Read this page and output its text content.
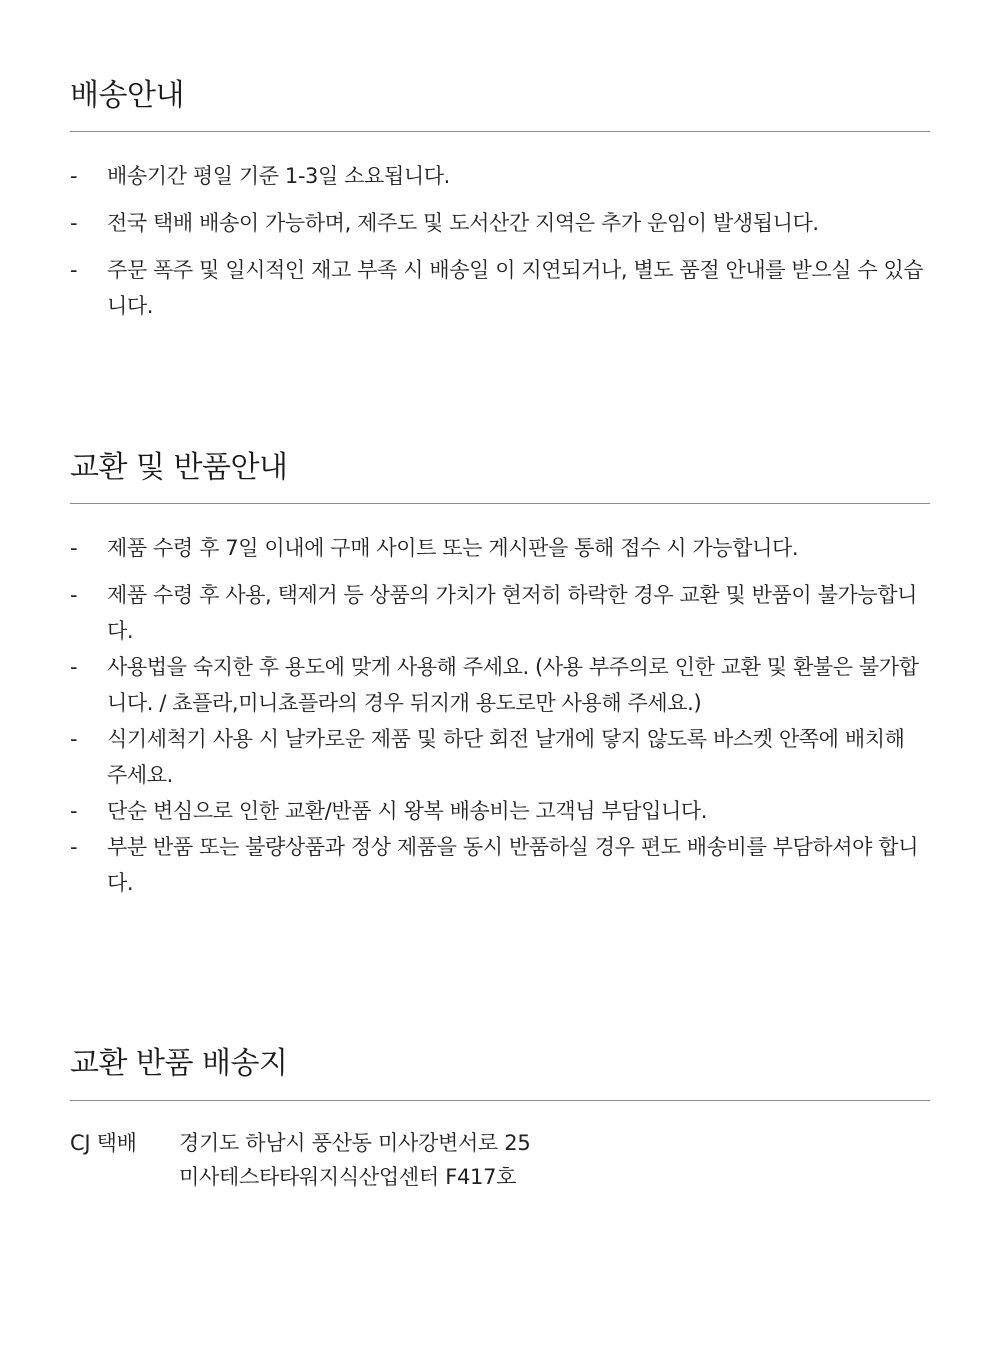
배송안내
- 배송기간 평일 기준 1-3일 소요됩니다.
- 전국 택배 배송이 가능하며, 제주도 및 도서산간 지역은 추가 운임이 발생됩니다.
- 주문 폭주 및 일시적인 재고 부족 시 배송일 이 지연되거나, 별도 품절 안내를 받으실 수 있습니다.
교환 및 반품안내
- 제품 수령 후 7일 이내에 구매 사이트 또는 게시판을 통해 접수 시 가능합니다.
- 제품 수령 후 사용, 택제거 등 상품의 가치가 현저히 하락한 경우 교환 및 반품이 불가능합니다.
- 사용법을 숙지한 후 용도에 맞게 사용해 주세요. (사용 부주의로 인한 교환 및 환불은 불가합니다. / 쵸플라,미니쵸플라의 경우 뒤지개 용도로만 사용해 주세요.)
- 식기세척기 사용 시 날카로운 제품 및 하단 회전 날개에 닿지 않도록 바스켓 안쪽에 배치해 주세요.
- 단순 변심으로 인한 교환/반품 시 왕복 배송비는 고객님 부담입니다.
- 부분 반품 또는 불량상품과 정상 제품을 동시 반품하실 경우 편도 배송비를 부담하셔야 합니다.
교환 반품 배송지
CJ 택배 경기도 하남시 풍산동 미사강변서로 25
미사테스타타워지식산업센터 F417호
